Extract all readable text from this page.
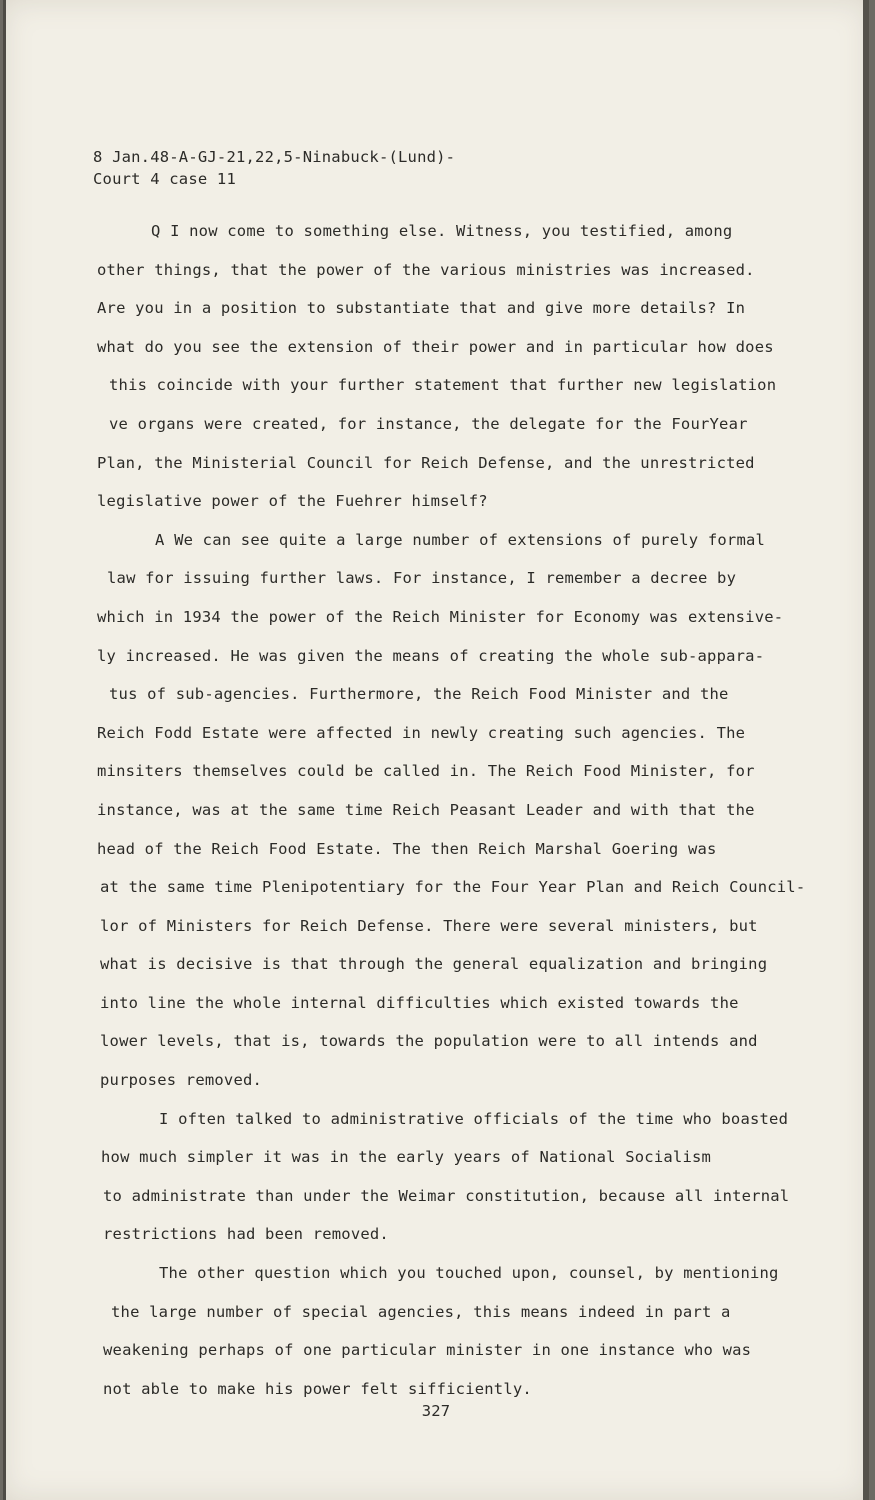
8 Jan.48-A-GJ-21,22,5-Ninabuck-(Lund)-
Court 4 case 11
Q I now come to something else. Witness, you testified, among
other things, that the power of the various ministries was increased.
Are you in a position to substantiate that and give more details? In
what do you see the extension of their power and in particular how does
this coincide with your further statement that further new legislation
ve organs were created, for instance, the delegate for the FourYear
Plan, the Ministerial Council for Reich Defense, and the unrestricted
legislative power of the Fuehrer himself?
A We can see quite a large number of extensions of purely formal
law for issuing further laws. For instance, I remember a decree by
which in 1934 the power of the Reich Minister for Economy was extensive-
ly increased. He was given the means of creating the whole sub-appara-
tus of sub-agencies. Furthermore, the Reich Food Minister and the
Reich Fodd Estate were affected in newly creating such agencies. The
minsiters themselves could be called in. The Reich Food Minister, for
instance, was at the same time Reich Peasant Leader and with that the
head of the Reich Food Estate. The then Reich Marshal Goering was
at the same time Plenipotentiary for the Four Year Plan and Reich Council-
lor of Ministers for Reich Defense. There were several ministers, but
what is decisive is that through the general equalization and bringing
into line the whole internal difficulties which existed towards the
lower levels, that is, towards the population were to all intends and
purposes removed.
I often talked to administrative officials of the time who boasted
how much simpler it was in the early years of National Socialism
to administrate than under the Weimar constitution, because all internal
restrictions had been removed.
The other question which you touched upon, counsel, by mentioning
the large number of special agencies, this means indeed in part a
weakening perhaps of one particular minister in one instance who was
not able to make his power felt sifficiently.
327
